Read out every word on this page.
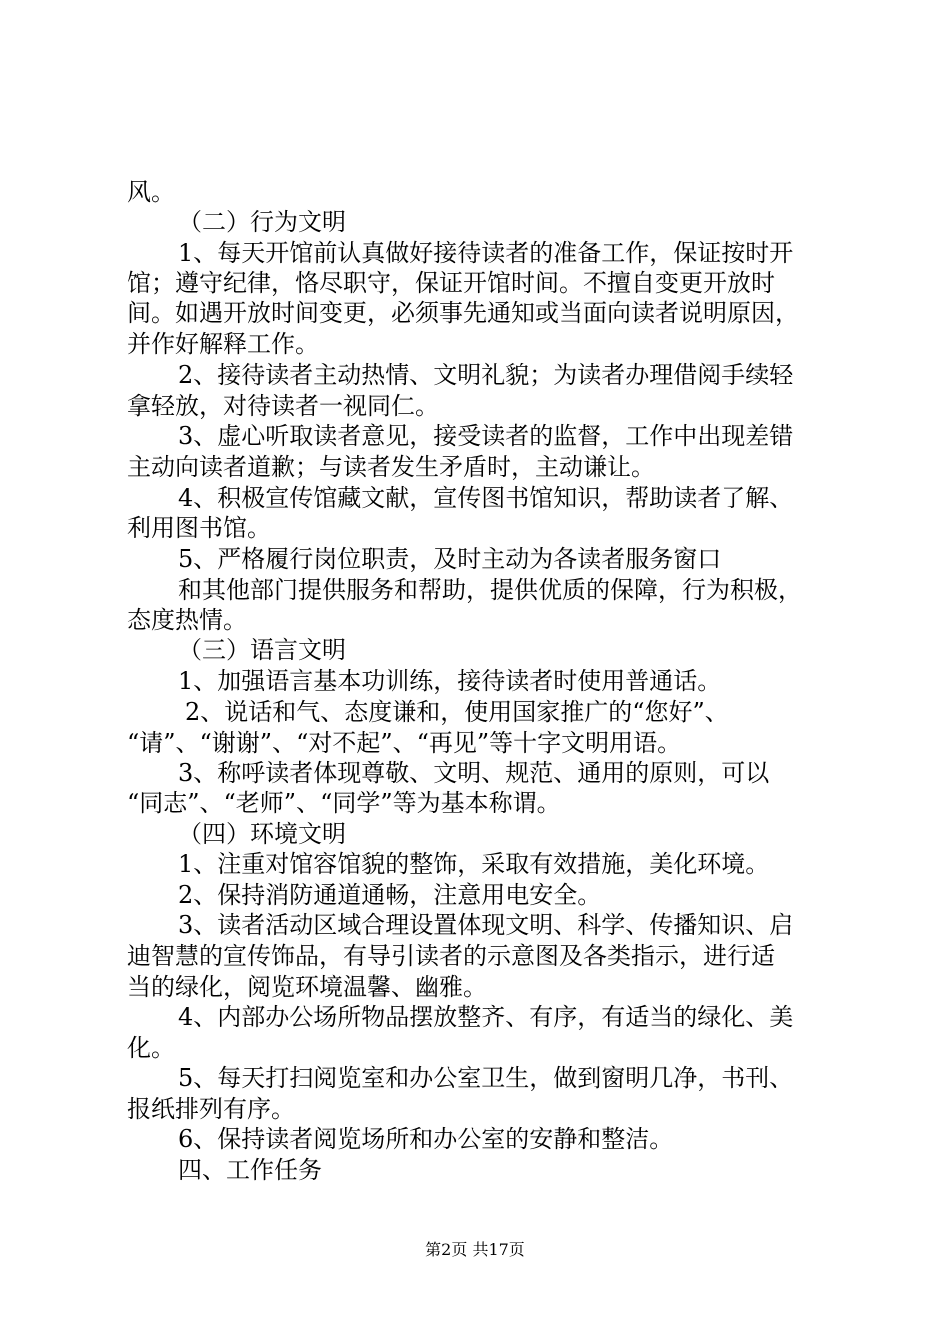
风。
（二）行为文明
1、每天开馆前认真做好接待读者的准备工作，保证按时开
馆；遵守纪律，恪尽职守，保证开馆时间。不擅自变更开放时
间。如遇开放时间变更，必须事先通知或当面向读者说明原因，
并作好解释工作。
2、接待读者主动热情、文明礼貌；为读者办理借阅手续轻
拿轻放，对待读者一视同仁。
3、虚心听取读者意见，接受读者的监督，工作中出现差错
主动向读者道歉；与读者发生矛盾时，主动谦让。
4、积极宣传馆藏文献，宣传图书馆知识，帮助读者了解、
利用图书馆。
5、严格履行岗位职责，及时主动为各读者服务窗口
和其他部门提供服务和帮助，提供优质的保障，行为积极，
态度热情。
（三）语言文明
1、加强语言基本功训练，接待读者时使用普通话。
2、说话和气、态度谦和，使用国家推广的“您好”、
“请”、“谢谢”、“对不起”、“再见”等十字文明用语。
3、称呼读者体现尊敬、文明、规范、通用的原则，可以
“同志”、“老师”、“同学”等为基本称谓。
（四）环境文明
1、注重对馆容馆貌的整饰，采取有效措施，美化环境。
2、保持消防通道通畅，注意用电安全。
3、读者活动区域合理设置体现文明、科学、传播知识、启
迪智慧的宣传饰品，有导引读者的示意图及各类指示，进行适
当的绿化，阅览环境温馨、幽雅。
4、内部办公场所物品摆放整齐、有序，有适当的绿化、美
化。
5、每天打扫阅览室和办公室卫生，做到窗明几净，书刊、
报纸排列有序。
6、保持读者阅览场所和办公室的安静和整洁。
四、工作任务
第2页 共17页
